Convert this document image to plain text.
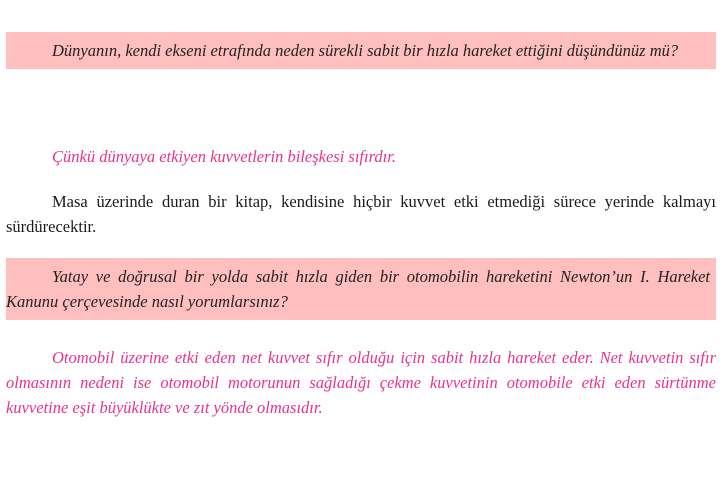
Dünyanın, kendi ekseni etrafında neden sürekli sabit bir hızla hareket ettiğini düşündünüz mü?

Çünkü dünyaya etkiyen kuvvetlerin bileşkesi sıfırdır.

Masa üzerinde duran bir kitap, kendisine hiçbir kuvvet etki etmediği sürece yerinde kalmayı sürdürecektir.

Yatay ve doğrusal bir yolda sabit hızla giden bir otomobilin hareketini Newton’un I. Hareket Kanunu çerçevesinde nasıl yorumlarsınız?

Otomobil üzerine etki eden net kuvvet sıfır olduğu için sabit hızla hareket eder. Net kuvvetin sıfır olmasının nedeni ise otomobil motorunun sağladığı çekme kuvvetinin otomobile etki eden sürtünme kuvvetine eşit büyüklükte ve zıt yönde olmasıdır.
